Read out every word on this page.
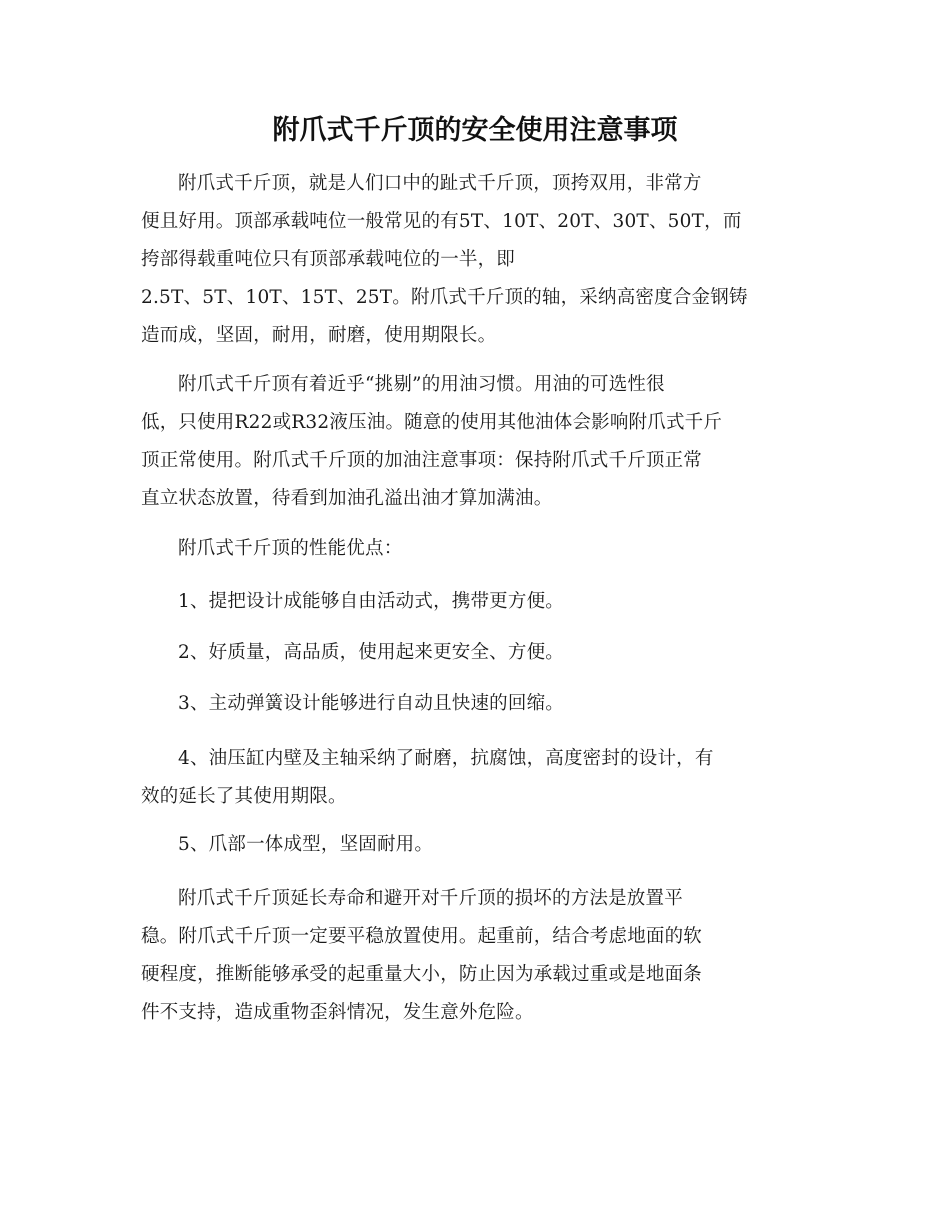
附爪式千斤顶的安全使用注意事项

附爪式千斤顶，就是人们口中的趾式千斤顶，顶挎双用，非常方
便且好用。顶部承载吨位一般常见的有5T、10T、20T、30T、50T，而
挎部得载重吨位只有顶部承载吨位的一半，即
2.5T、5T、10T、15T、25T。附爪式千斤顶的轴，采纳高密度合金钢铸
造而成，坚固，耐用，耐磨，使用期限长。

附爪式千斤顶有着近乎“挑剔”的用油习惯。用油的可选性很
低，只使用R22或R32液压油。随意的使用其他油体会影响附爪式千斤
顶正常使用。附爪式千斤顶的加油注意事项：保持附爪式千斤顶正常
直立状态放置，待看到加油孔溢出油才算加满油。

附爪式千斤顶的性能优点：

1、提把设计成能够自由活动式，携带更方便。

2、好质量，高品质，使用起来更安全、方便。

3、主动弹簧设计能够进行自动且快速的回缩。

4、油压缸内壁及主轴采纳了耐磨，抗腐蚀，高度密封的设计，有
效的延长了其使用期限。

5、爪部一体成型，坚固耐用。

附爪式千斤顶延长寿命和避开对千斤顶的损坏的方法是放置平
稳。附爪式千斤顶一定要平稳放置使用。起重前，结合考虑地面的软
硬程度，推断能够承受的起重量大小，防止因为承载过重或是地面条
件不支持，造成重物歪斜情况，发生意外危险。
